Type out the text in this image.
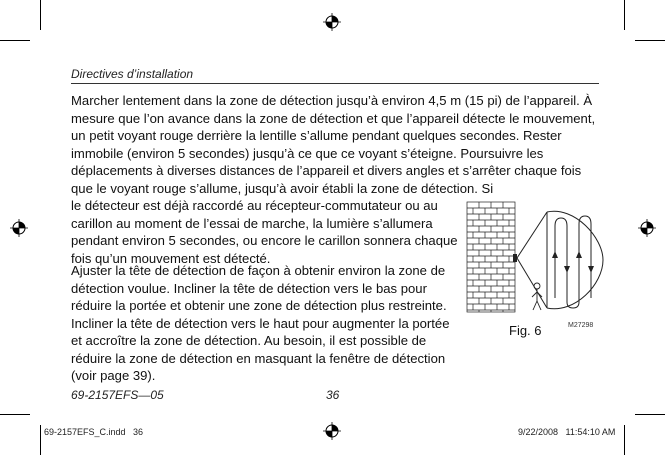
Directives d’installation

Marcher lentement dans la zone de détection jusqu’à environ 4,5 m (15 pi) de l’appareil. À mesure que l’on avance dans la zone de détection et que l’appareil détecte le mouvement, un petit voyant rouge derrière la lentille s’allume pendant quelques secondes. Rester immobile (environ 5 secondes) jusqu’à ce que ce voyant s’éteigne. Poursuivre les déplacements à diverses distances de l’appareil et divers angles et s’arrêter chaque fois que le voyant rouge s’allume, jusqu’à avoir établi la zone de détection. Si

le détecteur est déjà raccordé au récepteur-commutateur ou au carillon au moment de l’essai de marche, la lumière s’allumera pendant environ 5 secondes, ou encore le carillon sonnera chaque fois qu’un mouvement est détecté.

Ajuster la tête de détection de façon à obtenir environ la zone de détection voulue. Incliner la tête de détection vers le bas pour réduire la portée et obtenir une zone de détection plus restreinte. Incliner la tête de détection vers le haut pour augmenter la portée et accroître la zone de détection. Au besoin, il est possible de réduire la zone de détection en masquant la fenêtre de détection (voir page 39).

Fig. 6	M27298
69-2157EFS—05	36
69-2157EFS_C.indd   36	9/22/2008   11:54:10 AM
